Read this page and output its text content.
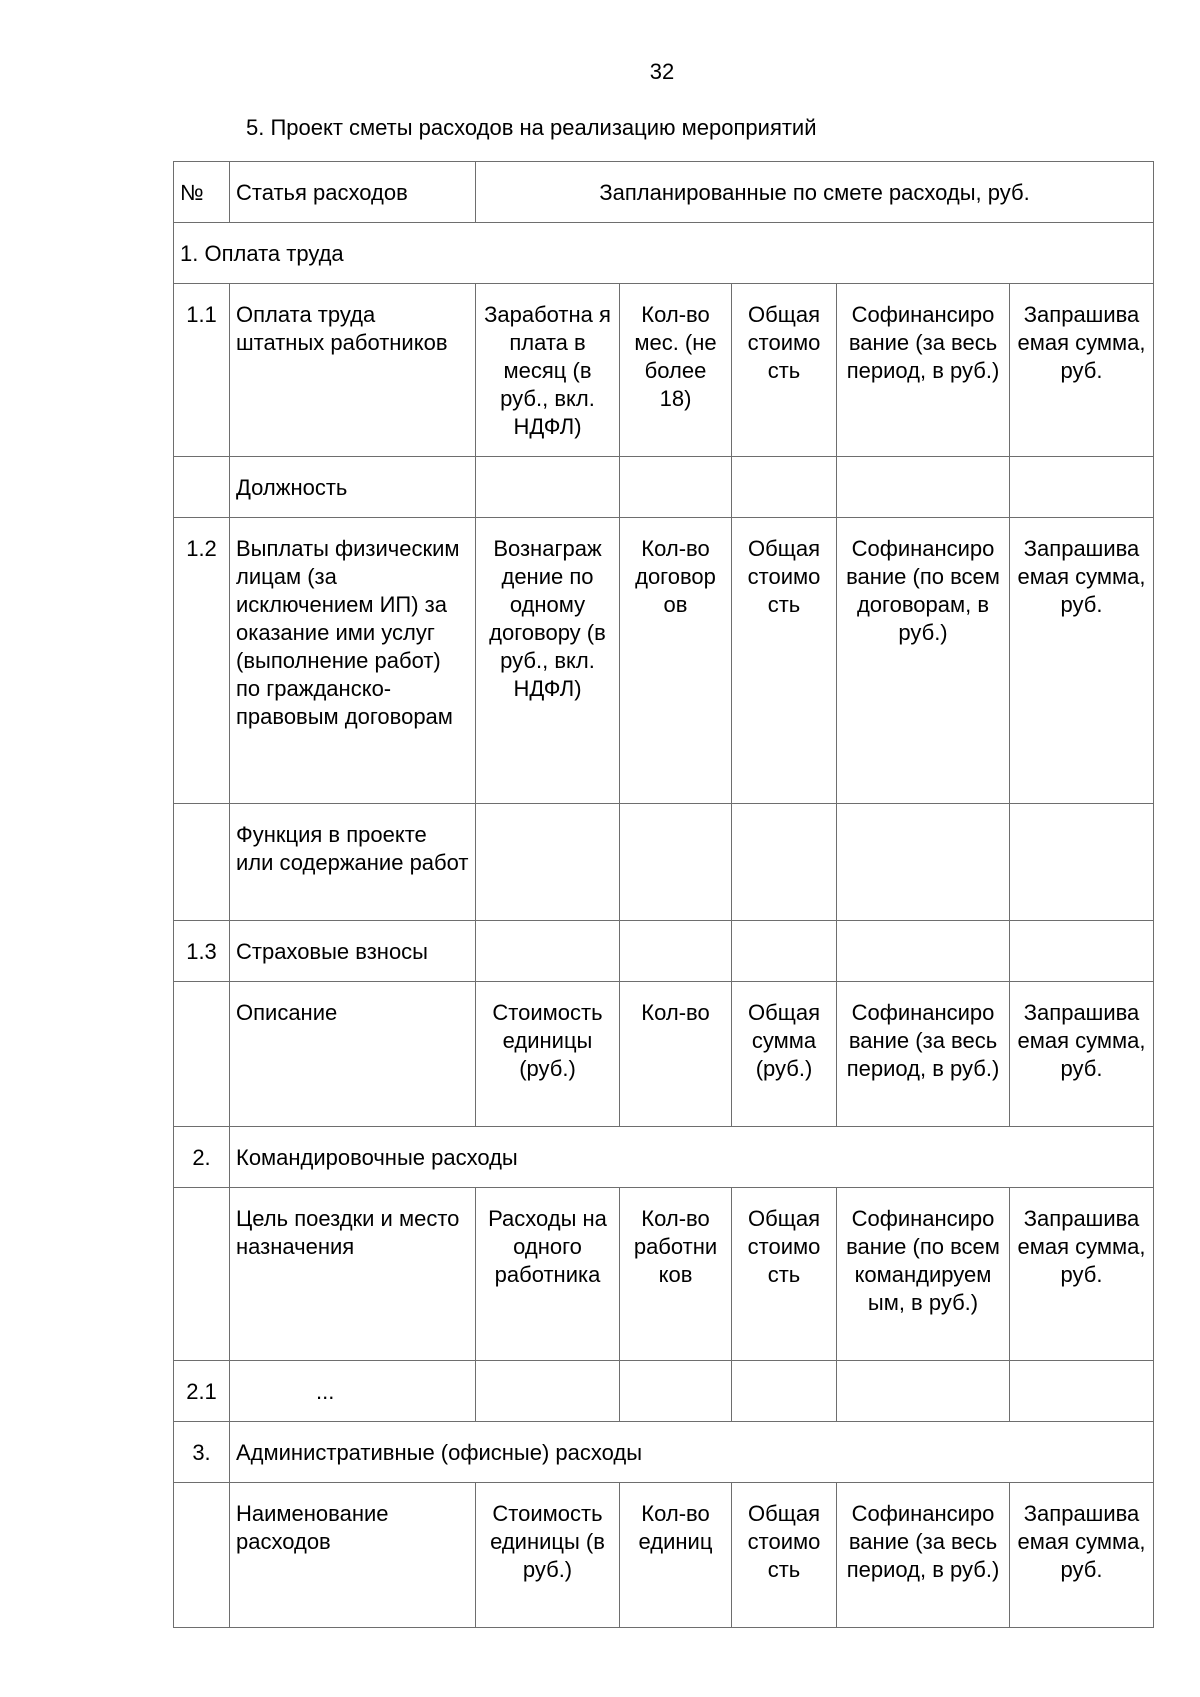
32
5. Проект сметы расходов на реализацию мероприятий
№	Статья расходов	Запланированные по смете расходы, руб.				
1. Оплата труда						
1.1	Оплата труда штатных работников	Заработна я плата в месяц (в руб., вкл. НДФЛ)	Кол-во мес. (не более 18)	Общая стоимо сть	Софинансиро вание (за весь период, в руб.)	Запрашива емая сумма, руб.
	Должность					
1.2	Выплаты физическим лицам (за исключением ИП) за оказание ими услуг (выполнение работ) по гражданско-правовым договорам	Вознаграж дение по одному договору (в руб., вкл. НДФЛ)	Кол-во договор ов	Общая стоимо сть	Софинансиро вание (по всем договорам, в руб.)	Запрашива емая сумма, руб.
	Функция в проекте или содержание работ					
1.3	Страховые взносы					
	Описание	Стоимость единицы (руб.)	Кол-во	Общая сумма (руб.)	Софинансиро вание (за весь период, в руб.)	Запрашива емая сумма, руб.
2.	Командировочные расходы					
	Цель поездки и место назначения	Расходы на одного работника	Кол-во работни ков	Общая стоимо сть	Софинансиро вание (по всем командируем ым, в руб.)	Запрашива емая сумма, руб.
2.1	...					
3.	Административные (офисные) расходы					
	Наименование расходов	Стоимость единицы (в руб.)	Кол-во единиц	Общая стоимо сть	Софинансиро вание (за весь период, в руб.)	Запрашива емая сумма, руб.
